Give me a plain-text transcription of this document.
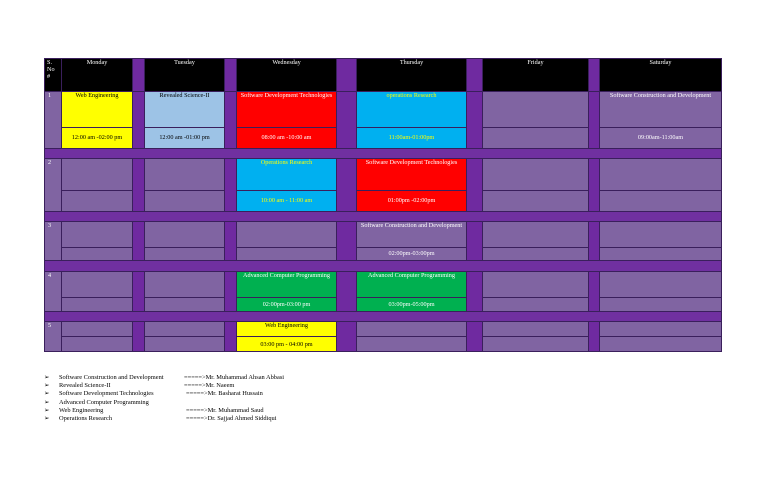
S.
No
#	Monday		Tuesday		Wednesday		Thursday		Friday		Saturday
1	Web Engineering		Revealed Science-II		Software Development Technologies		operations Research				Software Construction and Development
	12:00 am -02:00 pm		12:00 am -01:00 pm		08:00 am -10:00 am		11:00am-01:00pm				09:00am-11:00am

2					Operations Research		Software Development Technologies				
					10:00 am - 11:00 am		01:00pm -02:00pm				

3							Software Construction and Development				
							02:00pm-03:00pm				

4					Advanced Computer Programming		Advanced Computer Programming				
					02:00pm-03:00 pm		03:00pm-05:00pm				

5					Web Engineering						
					03:00 pm - 04:00 pm						
➢ Software Construction and Development	=====>Mr. Muhammad Ahsan Abbasi
➢ Revealed Science-II	=====>Mr. Naeem
➢ Software Development Technologies	=====>Mr. Basharat Hussain
➢ Advanced Computer Programming
➢ Web Engineering	=====>Mr. Muhammad Saud
➢ Operations Research	=====>Dr. Sajjad Ahmed Siddiqui
